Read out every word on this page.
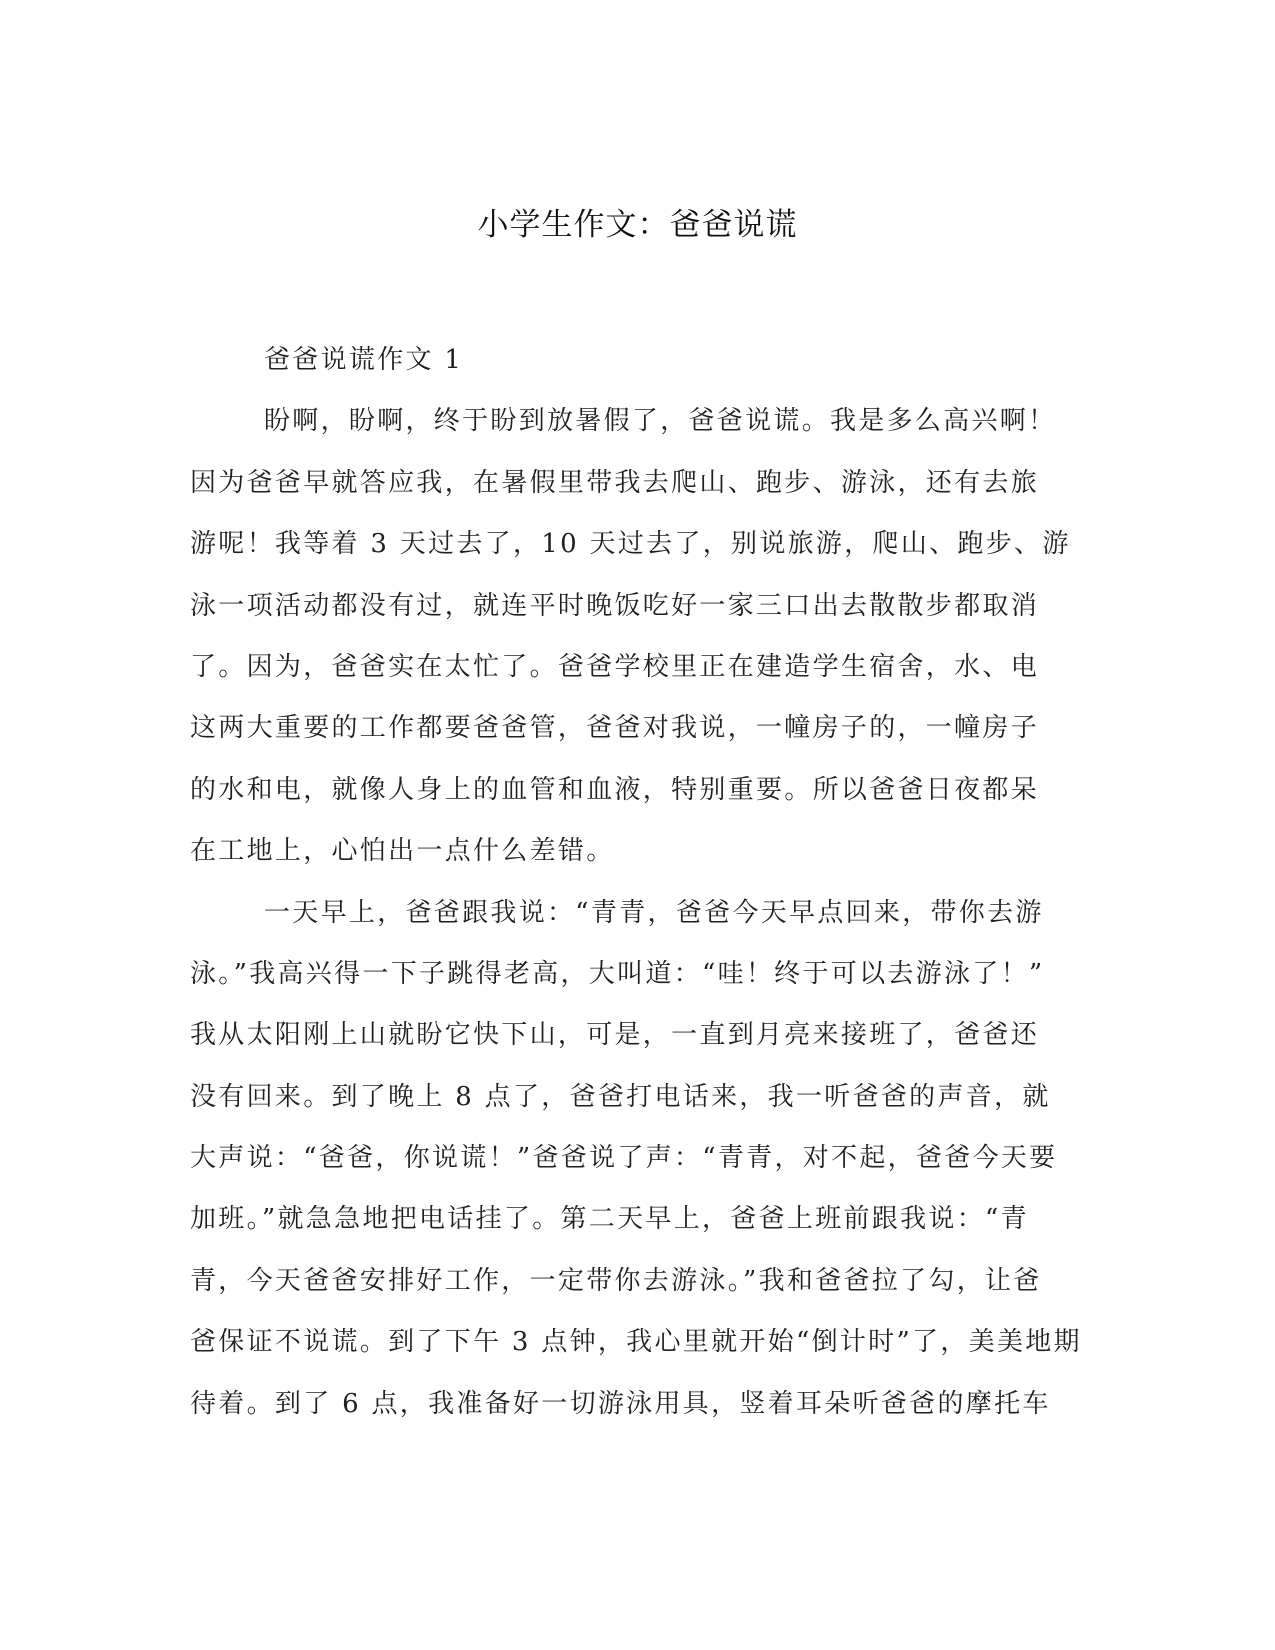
小学生作文：爸爸说谎
爸爸说谎作文 1
盼啊，盼啊，终于盼到放暑假了，爸爸说谎。我是多么高兴啊！
因为爸爸早就答应我，在暑假里带我去爬山、跑步、游泳，还有去旅
游呢！我等着 3 天过去了，10 天过去了，别说旅游，爬山、跑步、游
泳一项活动都没有过，就连平时晚饭吃好一家三口出去散散步都取消
了。因为，爸爸实在太忙了。爸爸学校里正在建造学生宿舍，水、电
这两大重要的工作都要爸爸管，爸爸对我说，一幢房子的，一幢房子
的水和电，就像人身上的血管和血液，特别重要。所以爸爸日夜都呆
在工地上，心怕出一点什么差错。
一天早上，爸爸跟我说：“青青，爸爸今天早点回来，带你去游
泳。”我高兴得一下子跳得老高，大叫道：“哇！终于可以去游泳了！”
我从太阳刚上山就盼它快下山，可是，一直到月亮来接班了，爸爸还
没有回来。到了晚上 8 点了，爸爸打电话来，我一听爸爸的声音，就
大声说：“爸爸，你说谎！”爸爸说了声：“青青，对不起，爸爸今天要
加班。”就急急地把电话挂了。第二天早上，爸爸上班前跟我说：“青
青，今天爸爸安排好工作，一定带你去游泳。”我和爸爸拉了勾，让爸
爸保证不说谎。到了下午 3 点钟，我心里就开始“倒计时”了，美美地期
待着。到了 6 点，我准备好一切游泳用具，竖着耳朵听爸爸的摩托车
